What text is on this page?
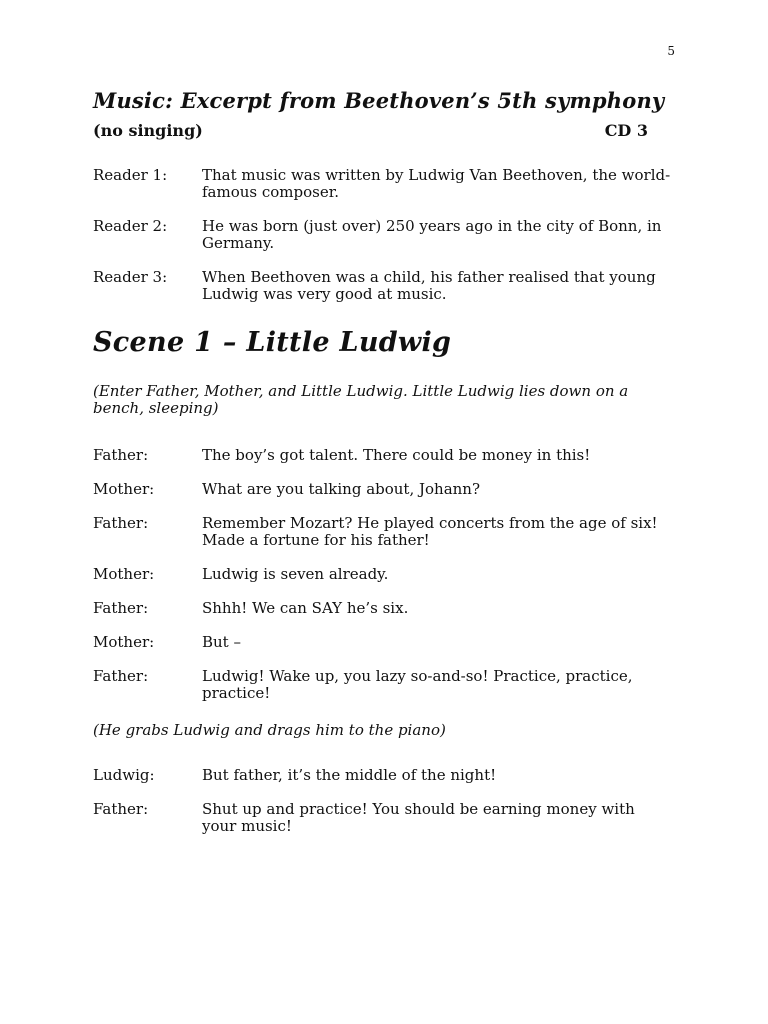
5
Music: Excerpt from Beethoven’s 5th symphony
(no singing)	CD 3
Reader 1:	That music was written by Ludwig Van Beethoven, the world-famous composer.
Reader 2:	He was born (just over) 250 years ago in the city of Bonn, in Germany.
Reader 3:	When Beethoven was a child, his father realised that young Ludwig was very good at music.
Scene 1 – Little Ludwig
(Enter Father, Mother, and Little Ludwig. Little Ludwig lies down on a bench, sleeping)
Father:	The boy’s got talent. There could be money in this!
Mother:	What are you talking about, Johann?
Father:	Remember Mozart? He played concerts from the age of six! Made a fortune for his father!
Mother:	Ludwig is seven already.
Father:	Shhh! We can SAY he’s six.
Mother:	But –
Father:	Ludwig! Wake up, you lazy so-and-so! Practice, practice, practice!
(He grabs Ludwig and drags him to the piano)
Ludwig:	But father, it’s the middle of the night!
Father:	Shut up and practice! You should be earning money with your music!
